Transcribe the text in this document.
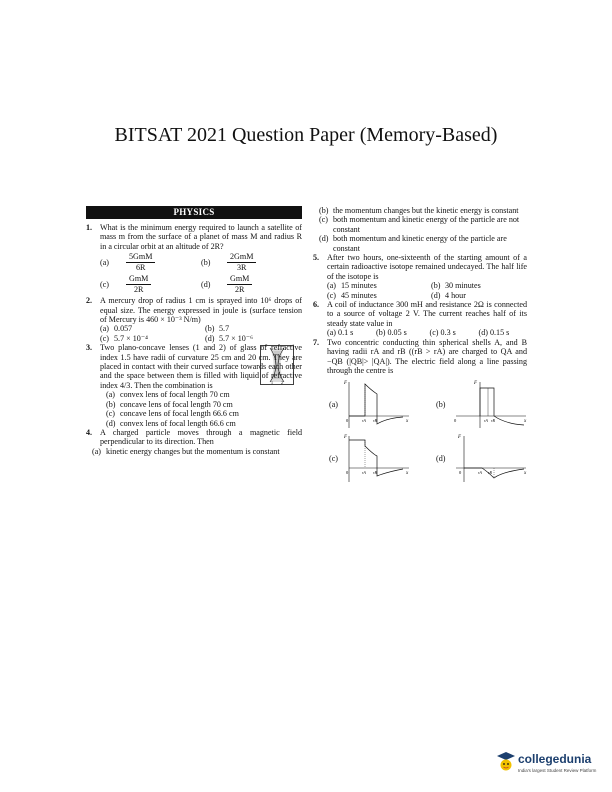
BITSAT 2021 Question Paper (Memory-Based)
PHYSICS
1. What is the minimum energy required to launch a satellite of mass m from the surface of a planet of mass M and radius R in a circular orbit at an altitude of 2R?
(a)	$\frac{\text{5GmM}}{6R}$	(b)	$\frac{\text{2GmM}}{3R}$
(c)	$\frac{\text{GmM}}{2R}$	(d)	$\frac{\text{GmM}}{2R}$
2. A mercury drop of radius 1 cm is sprayed into 10⁶ drops of equal size. The energy expressed in joule is (surface tension of Mercury is 460 × 10⁻³ N/m)
(a) 0.057	(b) 5.7
(c) 5.7 × 10⁻⁴	(d) 5.7 × 10⁻⁶
1 2
3. Two plano-concave lenses (1 and 2) of glass of refractive index 1.5 have radii of curvature 25 cm and 20 cm. They are placed in contact with their curved surface towards each other and the space between them is filled with liquid of refractive index 4/3. Then the combination is
(a) convex lens of focal length 70 cm
(b) concave lens of focal length 70 cm
(c) concave lens of focal length 66.6 cm
(d) convex lens of focal length 66.6 cm
4. A charged particle moves through a magnetic field perpendicular to its direction. Then
(a) kinetic energy changes but the momentum is constant
(b) the momentum changes but the kinetic energy is constant
(c) both momentum and kinetic energy of the particle are not constant
(d) both momentum and kinetic energy of the particle are constant
5. After two hours, one-sixteenth of the starting amount of a certain radioactive isotope remained undecayed. The half life of the isotope is
(a) 15 minutes	(b) 30 minutes
(c) 45 minutes	(d) 4 hour
6. A coil of inductance 300 mH and resistance 2Ω is connected to a source of voltage 2 V. The current reaches half of its steady state value in
(a) 0.1 s	(b) 0.05 s	(c) 0.3 s	(d) 0.15 s
7. Two concentric conducting thin spherical shells A, and B having radii rA and rB ((rB > rA) are charged to QA and −QB (|QB|> |QA|). The electric field along a line passing through the centre is
(a)
F
x
0	rA rB
(b)
F
x
0	rA rB
(c)
F
x
0	rA rB
(d)
F
x
0	rA rB
collegedunia
India's largest Student Review Platform
